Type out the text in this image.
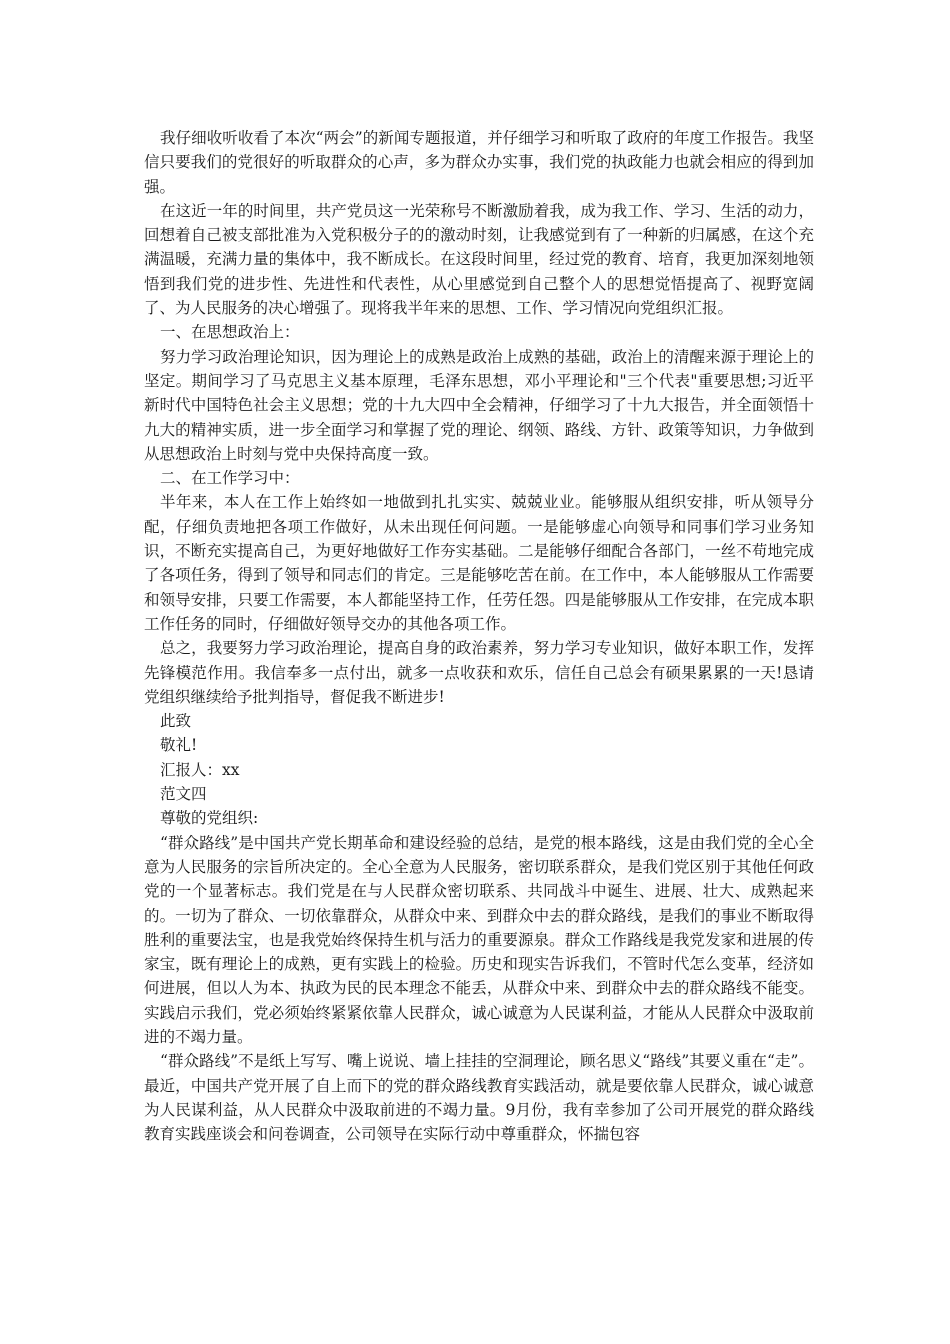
我仔细收听收看了本次“两会”的新闻专题报道，并仔细学习和听取了政府的年度工作报告。我坚信只要我们的党很好的听取群众的心声，多为群众办实事，我们党的执政能力也就会相应的得到加强。

在这近一年的时间里，共产党员这一光荣称号不断激励着我，成为我工作、学习、生活的动力，回想着自己被支部批准为入党积极分子的的激动时刻，让我感觉到有了一种新的归属感，在这个充满温暖，充满力量的集体中，我不断成长。在这段时间里，经过党的教育、培育，我更加深刻地领悟到我们党的进步性、先进性和代表性，从心里感觉到自己整个人的思想觉悟提高了、视野宽阔了、为人民服务的决心增强了。现将我半年来的思想、工作、学习情况向党组织汇报。

一、在思想政治上：

努力学习政治理论知识，因为理论上的成熟是政治上成熟的基础，政治上的清醒来源于理论上的坚定。期间学习了马克思主义基本原理，毛泽东思想，邓小平理论和"三个代表"重要思想;习近平新时代中国特色社会主义思想；党的十九大四中全会精神，仔细学习了十九大报告，并全面领悟十九大的精神实质，进一步全面学习和掌握了党的理论、纲领、路线、方针、政策等知识，力争做到从思想政治上时刻与党中央保持高度一致。

二、在工作学习中：

半年来，本人在工作上始终如一地做到扎扎实实、兢兢业业。能够服从组织安排，听从领导分配，仔细负责地把各项工作做好，从未出现任何问题。一是能够虚心向领导和同事们学习业务知识，不断充实提高自己，为更好地做好工作夯实基础。二是能够仔细配合各部门，一丝不苟地完成了各项任务，得到了领导和同志们的肯定。三是能够吃苦在前。在工作中，本人能够服从工作需要和领导安排，只要工作需要，本人都能坚持工作，任劳任怨。四是能够服从工作安排，在完成本职工作任务的同时，仔细做好领导交办的其他各项工作。

总之，我要努力学习政治理论，提高自身的政治素养，努力学习专业知识，做好本职工作，发挥先锋模范作用。我信奉多一点付出，就多一点收获和欢乐，信任自己总会有硕果累累的一天!恳请党组织继续给予批判指导，督促我不断进步!

此致

敬礼!

汇报人：xx

范文四

尊敬的党组织:

“群众路线”是中国共产党长期革命和建设经验的总结，是党的根本路线，这是由我们党的全心全意为人民服务的宗旨所决定的。全心全意为人民服务，密切联系群众，是我们党区别于其他任何政党的一个显著标志。我们党是在与人民群众密切联系、共同战斗中诞生、进展、壮大、成熟起来的。一切为了群众、一切依靠群众，从群众中来、到群众中去的群众路线，是我们的事业不断取得胜利的重要法宝，也是我党始终保持生机与活力的重要源泉。群众工作路线是我党发家和进展的传家宝，既有理论上的成熟，更有实践上的检验。历史和现实告诉我们，不管时代怎么变革，经济如何进展，但以人为本、执政为民的民本理念不能丢，从群众中来、到群众中去的群众路线不能变。实践启示我们，党必须始终紧紧依靠人民群众，诚心诚意为人民谋利益，才能从人民群众中汲取前进的不竭力量。

“群众路线”不是纸上写写、嘴上说说、墙上挂挂的空洞理论，顾名思义“路线”其要义重在“走”。最近，中国共产党开展了自上而下的党的群众路线教育实践活动，就是要依靠人民群众，诚心诚意为人民谋利益，从人民群众中汲取前进的不竭力量。9月份，我有幸参加了公司开展党的群众路线教育实践座谈会和问卷调查，公司领导在实际行动中尊重群众，怀揣包容
